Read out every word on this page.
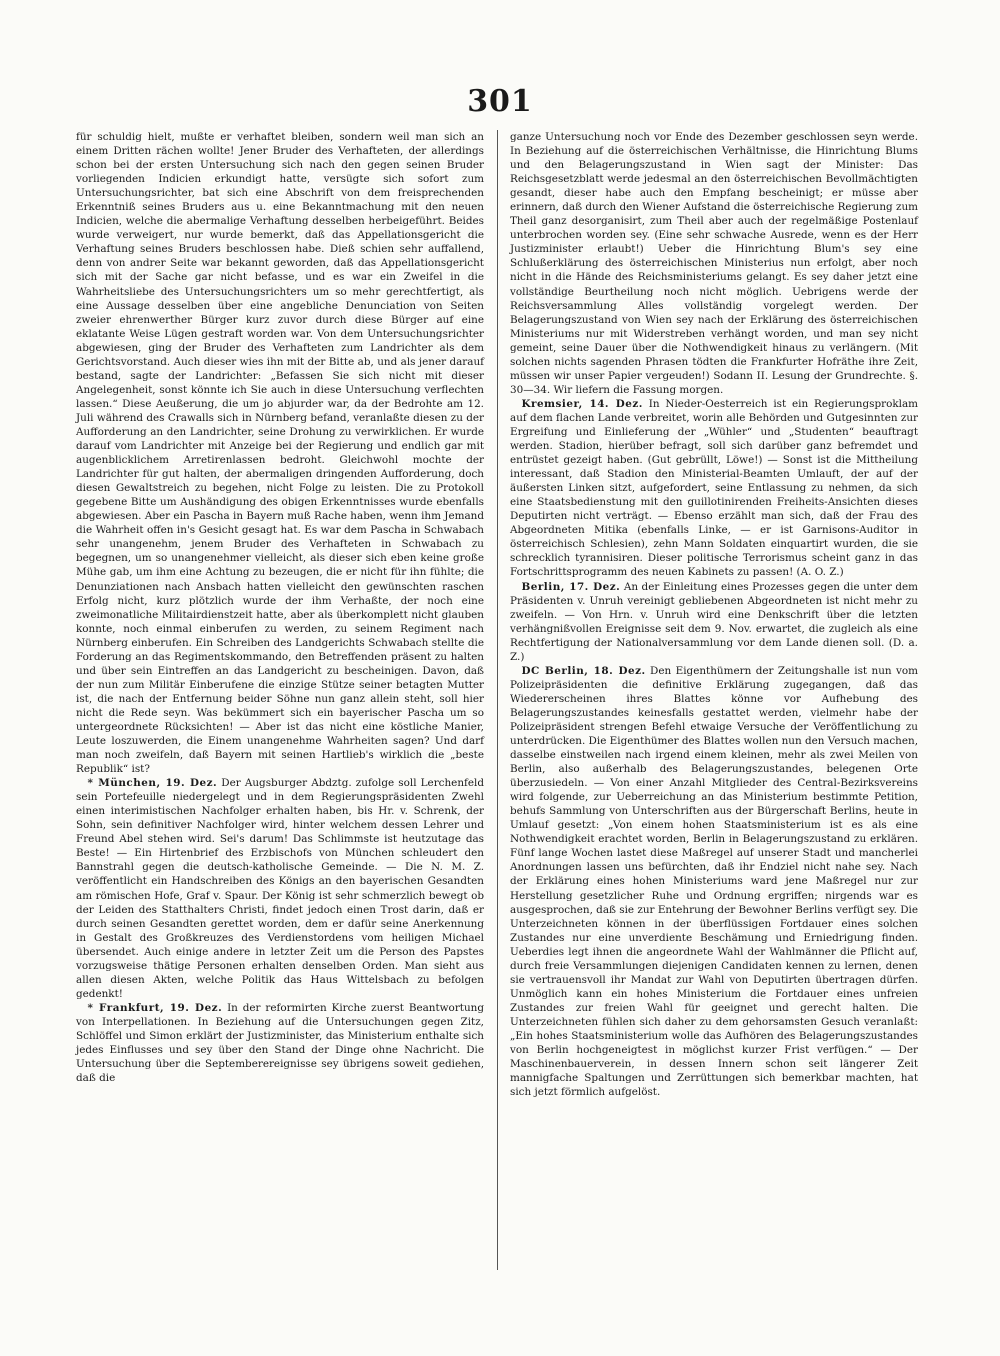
301

für schuldig hielt, mußte er verhaftet bleiben, sondern weil man sich an einem Dritten rächen wollte! Jener Bruder des Verhafteten, der allerdings schon bei der ersten Untersuchung sich nach den gegen seinen Bruder vorliegenden Indicien erkundigt hatte, versügte sich sofort zum Untersuchungsrichter, bat sich eine Abschrift von dem freisprechenden Erkenntniß seines Bruders aus u. eine Bekanntmachung mit den neuen Indicien, welche die abermalige Verhaftung desselben herbeigeführt. Beides wurde verweigert, nur wurde bemerkt, daß das Appellationsgericht die Verhaftung seines Bruders beschlossen habe. Dieß schien sehr auffallend, denn von andrer Seite war bekannt geworden, daß das Appellationsgericht sich mit der Sache gar nicht befasse, und es war ein Zweifel in die Wahrheitsliebe des Untersuchungsrichters um so mehr gerechtfertigt, als eine Aussage desselben über eine angebliche Denunciation von Seiten zweier ehrenwerther Bürger kurz zuvor durch diese Bürger auf eine eklatante Weise Lügen gestraft worden war. Von dem Untersuchungsrichter abgewiesen, ging der Bruder des Verhafteten zum Landrichter als dem Gerichtsvorstand. Auch dieser wies ihn mit der Bitte ab, und als jener darauf bestand, sagte der Landrichter: „Befassen Sie sich nicht mit dieser Angelegenheit, sonst könnte ich Sie auch in diese Untersuchung verflechten lassen.“ Diese Aeußerung, die um jo abjurder war, da der Bedrohte am 12. Juli während des Crawalls sich in Nürnberg befand, veranlaßte diesen zu der Aufforderung an den Landrichter, seine Drohung zu verwirklichen. Er wurde darauf vom Landrichter mit Anzeige bei der Regierung und endlich gar mit augenblicklichem Arretirenlassen bedroht. Gleichwohl mochte der Landrichter für gut halten, der abermaligen dringenden Aufforderung, doch diesen Gewaltstreich zu begehen, nicht Folge zu leisten. Die zu Protokoll gegebene Bitte um Aushändigung des obigen Erkenntnisses wurde ebenfalls abgewiesen. Aber ein Pascha in Bayern muß Rache haben, wenn ihm Jemand die Wahrheit offen in's Gesicht gesagt hat. Es war dem Pascha in Schwabach sehr unangenehm, jenem Bruder des Verhafteten in Schwabach zu begegnen, um so unangenehmer vielleicht, als dieser sich eben keine große Mühe gab, um ihm eine Achtung zu bezeugen, die er nicht für ihn fühlte; die Denunziationen nach Ansbach hatten vielleicht den gewünschten raschen Erfolg nicht, kurz plötzlich wurde der ihm Verhaßte, der noch eine zweimonatliche Militairdienstzeit hatte, aber als überkomplett nicht glauben konnte, noch einmal einberufen zu werden, zu seinem Regiment nach Nürnberg einberufen. Ein Schreiben des Landgerichts Schwabach stellte die Forderung an das Regimentskommando, den Betreffenden präsent zu halten und über sein Eintreffen an das Landgericht zu bescheinigen. Davon, daß der nun zum Militär Einberufene die einzige Stütze seiner betagten Mutter ist, die nach der Entfernung beider Söhne nun ganz allein steht, soll hier nicht die Rede seyn. Was bekümmert sich ein bayerischer Pascha um so untergeordnete Rücksichten! — Aber ist das nicht eine köstliche Manier, Leute loszuwerden, die Einem unangenehme Wahrheiten sagen? Und darf man noch zweifeln, daß Bayern mit seinen Hartlieb's wirklich die „beste Republik“ ist?

* München, 19. Dez. Der Augsburger Abdztg. zufolge soll Lerchenfeld sein Portefeuille niedergelegt und in dem Regierungspräsidenten Zwehl einen interimistischen Nachfolger erhalten haben, bis Hr. v. Schrenk, der Sohn, sein definitiver Nachfolger wird, hinter welchem dessen Lehrer und Freund Abel stehen wird. Sei's darum! Das Schlimmste ist heutzutage das Beste! — Ein Hirtenbrief des Erzbischofs von München schleudert den Bannstrahl gegen die deutsch-katholische Gemeinde. — Die N. M. Z. veröffentlicht ein Handschreiben des Königs an den bayerischen Gesandten am römischen Hofe, Graf v. Spaur. Der König ist sehr schmerzlich bewegt ob der Leiden des Statthalters Christi, findet jedoch einen Trost darin, daß er durch seinen Gesandten gerettet worden, dem er dafür seine Anerkennung in Gestalt des Großkreuzes des Verdienstordens vom heiligen Michael übersendet. Auch einige andere in letzter Zeit um die Person des Papstes vorzugsweise thätige Personen erhalten denselben Orden. Man sieht aus allen diesen Akten, welche Politik das Haus Wittelsbach zu befolgen gedenkt!

* Frankfurt, 19. Dez. In der reformirten Kirche zuerst Beantwortung von Interpellationen. In Beziehung auf die Untersuchungen gegen Zitz, Schlöffel und Simon erklärt der Justizminister, das Ministerium enthalte sich jedes Einflusses und sey über den Stand der Dinge ohne Nachricht. Die Untersuchung über die Septemberereignisse sey übrigens soweit gediehen, daß die

ganze Untersuchung noch vor Ende des Dezember geschlossen seyn werde. In Beziehung auf die österreichischen Verhältnisse, die Hinrichtung Blums und den Belagerungszustand in Wien sagt der Minister: Das Reichsgesetzblatt werde jedesmal an den österreichischen Bevollmächtigten gesandt, dieser habe auch den Empfang bescheinigt; er müsse aber erinnern, daß durch den Wiener Aufstand die österreichische Regierung zum Theil ganz desorganisirt, zum Theil aber auch der regelmäßige Postenlauf unterbrochen worden sey. (Eine sehr schwache Ausrede, wenn es der Herr Justizminister erlaubt!) Ueber die Hinrichtung Blum's sey eine Schlußerklärung des österreichischen Ministerius nun erfolgt, aber noch nicht in die Hände des Reichsministeriums gelangt. Es sey daher jetzt eine vollständige Beurtheilung noch nicht möglich. Uebrigens werde der Reichsversammlung Alles vollständig vorgelegt werden. Der Belagerungszustand von Wien sey nach der Erklärung des österreichischen Ministeriums nur mit Widerstreben verhängt worden, und man sey nicht gemeint, seine Dauer über die Nothwendigkeit hinaus zu verlängern. (Mit solchen nichts sagenden Phrasen tödten die Frankfurter Hofräthe ihre Zeit, müssen wir unser Papier vergeuden!) Sodann II. Lesung der Grundrechte. §. 30—34. Wir liefern die Fassung morgen.

Kremsier, 14. Dez. In Nieder-Oesterreich ist ein Regierungsproklam auf dem flachen Lande verbreitet, worin alle Behörden und Gutgesinnten zur Ergreifung und Einlieferung der „Wühler“ und „Studenten“ beauftragt werden. Stadion, hierüber befragt, soll sich darüber ganz befremdet und entrüstet gezeigt haben. (Gut gebrüllt, Löwe!) — Sonst ist die Mittheilung interessant, daß Stadion den Ministerial-Beamten Umlauft, der auf der äußersten Linken sitzt, aufgefordert, seine Entlassung zu nehmen, da sich eine Staatsbedienstung mit den guillotinirenden Freiheits-Ansichten dieses Deputirten nicht verträgt. — Ebenso erzählt man sich, daß der Frau des Abgeordneten Mitika (ebenfalls Linke, — er ist Garnisons-Auditor in österreichisch Schlesien), zehn Mann Soldaten einquartirt wurden, die sie schrecklich tyrannisiren. Dieser politische Terrorismus scheint ganz in das Fortschrittsprogramm des neuen Kabinets zu passen! (A. O. Z.)

Berlin, 17. Dez. An der Einleitung eines Prozesses gegen die unter dem Präsidenten v. Unruh vereinigt gebliebenen Abgeordneten ist nicht mehr zu zweifeln. — Von Hrn. v. Unruh wird eine Denkschrift über die letzten verhängnißvollen Ereignisse seit dem 9. Nov. erwartet, die zugleich als eine Rechtfertigung der Nationalversammlung vor dem Lande dienen soll. (D. a. Z.)

DC Berlin, 18. Dez. Den Eigenthümern der Zeitungshalle ist nun vom Polizeipräsidenten die definitive Erklärung zugegangen, daß das Wiedererscheinen ihres Blattes könne vor Aufhebung des Belagerungszustandes keinesfalls gestattet werden, vielmehr habe der Polizeipräsident strengen Befehl etwaige Versuche der Veröffentlichung zu unterdrücken. Die Eigenthümer des Blattes wollen nun den Versuch machen, dasselbe einstweilen nach irgend einem kleinen, mehr als zwei Meilen von Berlin, also außerhalb des Belagerungszustandes, belegenen Orte überzusiedeln. — Von einer Anzahl Mitglieder des Central-Bezirksvereins wird folgende, zur Ueberreichung an das Ministerium bestimmte Petition, behufs Sammlung von Unterschriften aus der Bürgerschaft Berlins, heute in Umlauf gesetzt: „Von einem hohen Staatsministerium ist es als eine Nothwendigkeit erachtet worden, Berlin in Belagerungszustand zu erklären. Fünf lange Wochen lastet diese Maßregel auf unserer Stadt und mancherlei Anordnungen lassen uns befürchten, daß ihr Endziel nicht nahe sey. Nach der Erklärung eines hohen Ministeriums ward jene Maßregel nur zur Herstellung gesetzlicher Ruhe und Ordnung ergriffen; nirgends war es ausgesprochen, daß sie zur Entehrung der Bewohner Berlins verfügt sey. Die Unterzeichneten können in der überflüssigen Fortdauer eines solchen Zustandes nur eine unverdiente Beschämung und Erniedrigung finden. Ueberdies legt ihnen die angeordnete Wahl der Wahlmänner die Pflicht auf, durch freie Versammlungen diejenigen Candidaten kennen zu lernen, denen sie vertrauensvoll ihr Mandat zur Wahl von Deputirten übertragen dürfen. Unmöglich kann ein hohes Ministerium die Fortdauer eines unfreien Zustandes zur freien Wahl für geeignet und gerecht halten. Die Unterzeichneten fühlen sich daher zu dem gehorsamsten Gesuch veranlaßt: „Ein hohes Staatsministerium wolle das Aufhören des Belagerungszustandes von Berlin hochgeneigtest in möglichst kurzer Frist verfügen.“ — Der Maschinenbauerverein, in dessen Innern schon seit längerer Zeit mannigfache Spaltungen und Zerrüttungen sich bemerkbar machten, hat sich jetzt förmlich aufgelöst.
